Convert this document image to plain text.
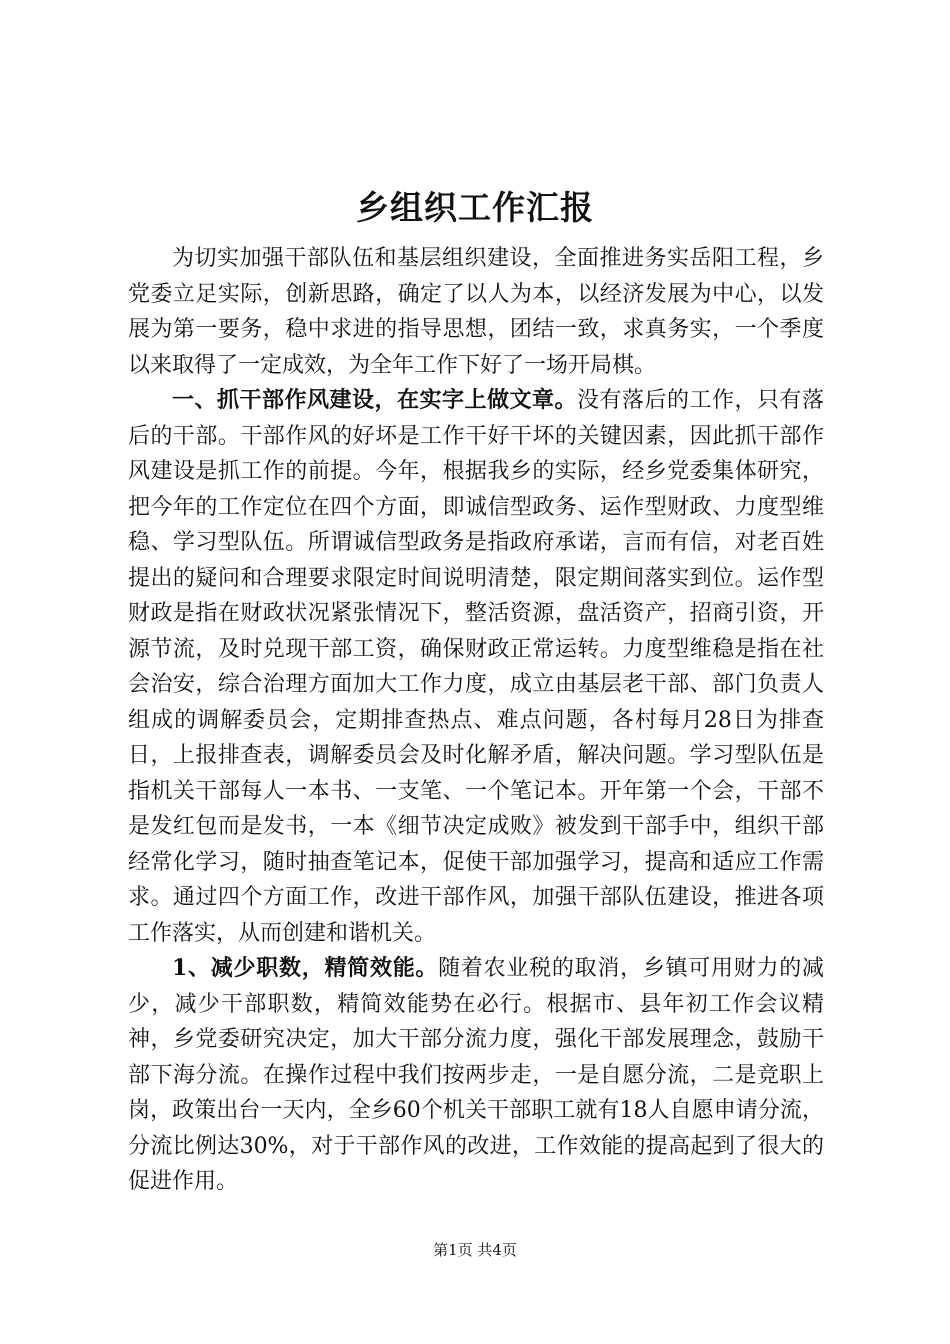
乡组织工作汇报

为切实加强干部队伍和基层组织建设，全面推进务实岳阳工程，乡党委立足实际，创新思路，确定了以人为本，以经济发展为中心，以发展为第一要务，稳中求进的指导思想，团结一致，求真务实，一个季度以来取得了一定成效，为全年工作下好了一场开局棋。

一、抓干部作风建设，在实字上做文章。没有落后的工作，只有落后的干部。干部作风的好坏是工作干好干坏的关键因素，因此抓干部作风建设是抓工作的前提。今年，根据我乡的实际，经乡党委集体研究，把今年的工作定位在四个方面，即诚信型政务、运作型财政、力度型维稳、学习型队伍。所谓诚信型政务是指政府承诺，言而有信，对老百姓提出的疑问和合理要求限定时间说明清楚，限定期间落实到位。运作型财政是指在财政状况紧张情况下，整活资源，盘活资产，招商引资，开源节流，及时兑现干部工资，确保财政正常运转。力度型维稳是指在社会治安，综合治理方面加大工作力度，成立由基层老干部、部门负责人组成的调解委员会，定期排查热点、难点问题，各村每月28日为排查日，上报排查表，调解委员会及时化解矛盾，解决问题。学习型队伍是指机关干部每人一本书、一支笔、一个笔记本。开年第一个会，干部不是发红包而是发书，一本《细节决定成败》被发到干部手中，组织干部经常化学习，随时抽查笔记本，促使干部加强学习，提高和适应工作需求。通过四个方面工作，改进干部作风，加强干部队伍建设，推进各项工作落实，从而创建和谐机关。

1、减少职数，精简效能。随着农业税的取消，乡镇可用财力的减少，减少干部职数，精简效能势在必行。根据市、县年初工作会议精神，乡党委研究决定，加大干部分流力度，强化干部发展理念，鼓励干部下海分流。在操作过程中我们按两步走，一是自愿分流，二是竞职上岗，政策出台一天内，全乡60个机关干部职工就有18人自愿申请分流，分流比例达30%，对于干部作风的改进，工作效能的提高起到了很大的促进作用。

第1页 共4页
